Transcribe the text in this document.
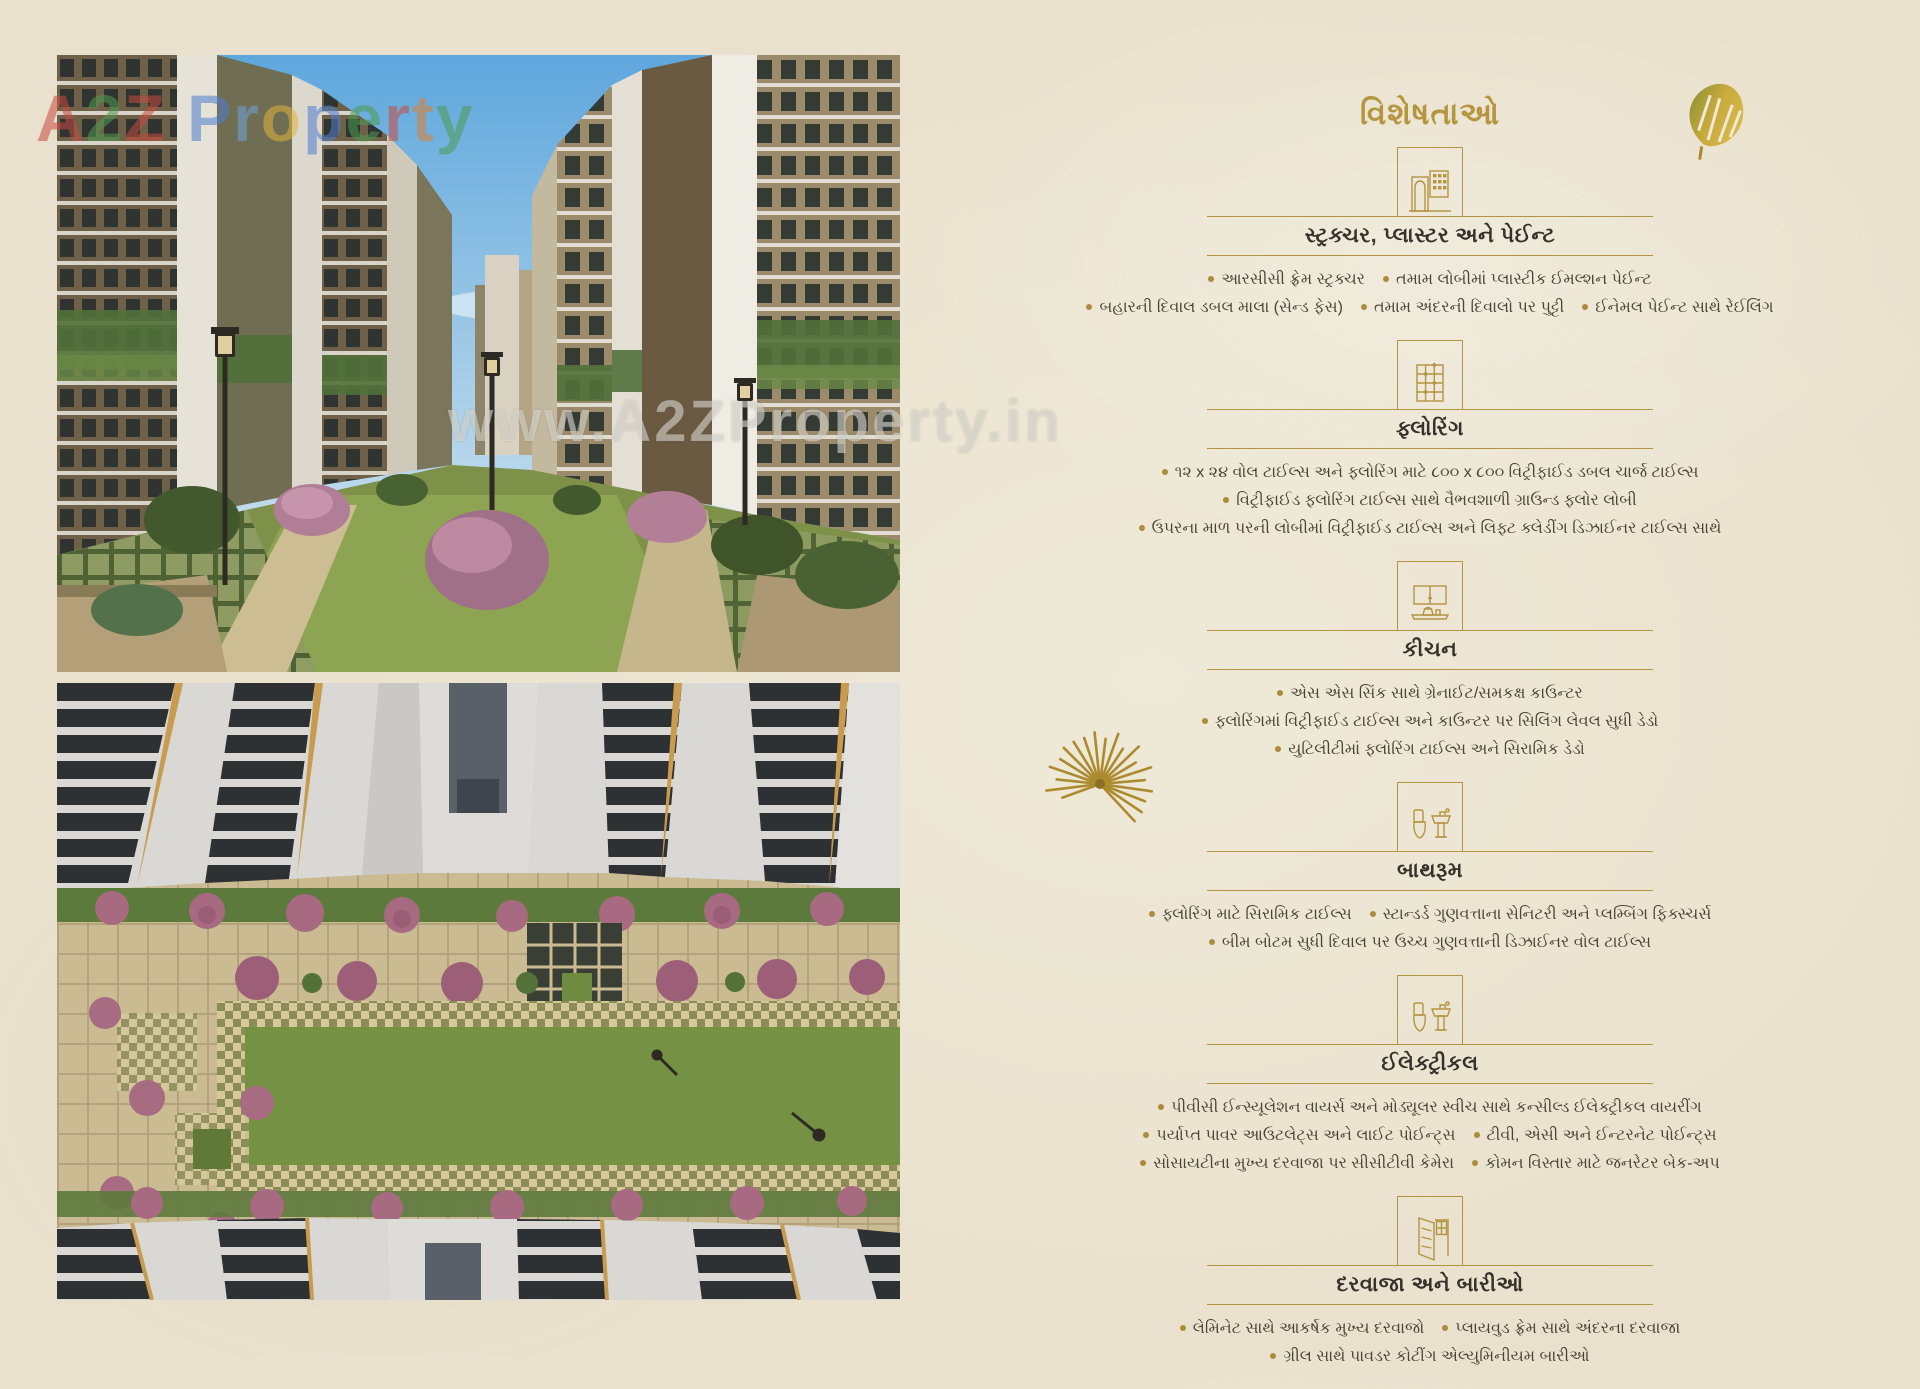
A2Z Property
www.A2ZProperty.in
વિશેષતાઓ
સ્ટ્રક્ચર, પ્લાસ્ટર અને પેઈન્ટ
આરસીસી ફ્રેમ સ્ટ્રક્ચર તમામ લોબીમાં પ્લાસ્ટીક ઈમલ્શન પેઈન્ટ
બહારની દિવાલ ડબલ માલા (સેન્ડ ફેસ) તમામ અંદરની દિવાલો પર પુટ્ટી ઈનેમલ પેઈન્ટ સાથે રેઈલિંગ
ફ્લોરિંગ
૧૨ x ૨૪ વોલ ટાઈલ્સ અને ફ્લોરિંગ માટે ૮૦૦ x ૮૦૦ વિટ્રીફાઈડ ડબલ ચાર્જ ટાઈલ્સ
વિટ્રીફાઈડ ફ્લોરિંગ ટાઈલ્સ સાથે વૈભવશાળી ગ્રાઉન્ડ ફ્લોર લોબી
ઉપરના માળ પરની લોબીમાં વિટ્રીફાઈડ ટાઈલ્સ અને લિફ્ટ ક્લેડીંગ ડિઝાઈનર ટાઈલ્સ સાથે
કીચન
એસ એસ સિંક સાથે ગ્રેનાઈટ/સમકક્ષ કાઉન્ટર
ફ્લોરિંગમાં વિટ્રીફાઈડ ટાઈલ્સ અને કાઉન્ટર પર સિલિંગ લેવલ સુધી ડેડો
યુટિલીટીમાં ફ્લોરિંગ ટાઈલ્સ અને સિરામિક ડેડો
બાથરૂમ
ફ્લોરિંગ માટે સિરામિક ટાઈલ્સ સ્ટાન્ડર્ડ ગુણવત્તાના સેનિટરી અને પ્લમ્બિંગ ફિક્સ્ચર્સ
બીમ બોટમ સુધી દિવાલ પર ઉચ્ચ ગુણવત્તાની ડિઝાઈનર વોલ ટાઈલ્સ
ઈલેક્ટ્રીકલ
પીવીસી ઈન્સ્યૂલેશન વાયર્સ અને મોડ્યૂલર સ્વીચ સાથે કન્સીલ્ડ ઈલેક્ટ્રીકલ વાયરીંગ
પર્યાપ્ત પાવર આઉટલેટ્સ અને લાઈટ પોઈન્ટ્સ ટીવી, એસી અને ઈન્ટરનેટ પોઈન્ટ્સ
સોસાયટીના મુખ્ય દરવાજા પર સીસીટીવી કેમેરા કોમન વિસ્તાર માટે જનરેટર બેક-અપ
દરવાજા અને બારીઓ
લેમિનેટ સાથે આકર્ષક મુખ્ય દરવાજો પ્લાયવુડ ફ્રેમ સાથે અંદરના દરવાજા
ગ્રીલ સાથે પાવડર કોટીંગ એલ્યુમિનીયમ બારીઓ
